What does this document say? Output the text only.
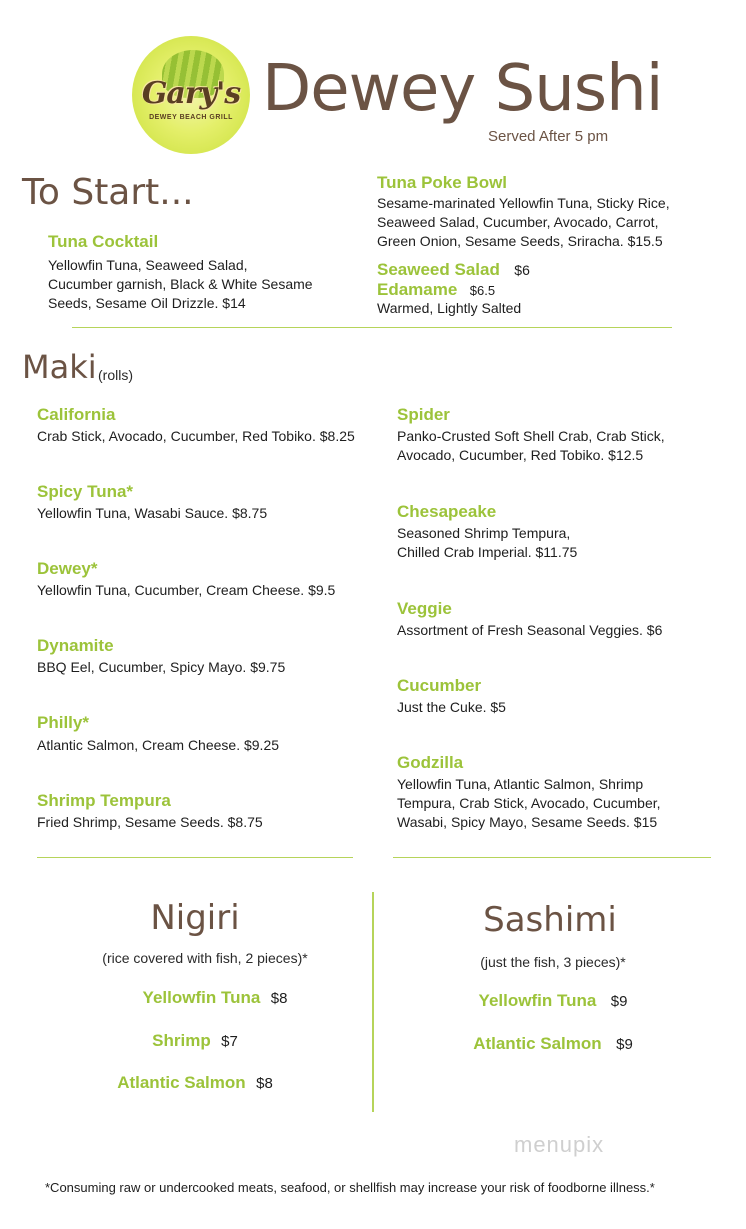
Gary's
DEWEY BEACH GRILL Dewey Sushi
Served After 5 pm
To Start...
Tuna Cocktail
Yellowfin Tuna, Seaweed Salad,
Cucumber garnish, Black & White Sesame
Seeds, Sesame Oil Drizzle. $14
Tuna Poke Bowl
Sesame-marinated Yellowfin Tuna, Sticky Rice,
Seaweed Salad, Cucumber, Avocado, Carrot,
Green Onion, Sesame Seeds, Sriracha. $15.5
Seaweed Salad $6
Edamame $6.5
Warmed, Lightly Salted
Maki (rolls)
California
Crab Stick, Avocado, Cucumber, Red Tobiko. $8.25
Spicy Tuna*
Yellowfin Tuna, Wasabi Sauce. $8.75
Dewey*
Yellowfin Tuna, Cucumber, Cream Cheese. $9.5
Dynamite
BBQ Eel, Cucumber, Spicy Mayo. $9.75
Philly*
Atlantic Salmon, Cream Cheese. $9.25
Shrimp Tempura
Fried Shrimp, Sesame Seeds. $8.75
Spider
Panko-Crusted Soft Shell Crab, Crab Stick,
Avocado, Cucumber, Red Tobiko. $12.5
Chesapeake
Seasoned Shrimp Tempura,
Chilled Crab Imperial. $11.75
Veggie
Assortment of Fresh Seasonal Veggies. $6
Cucumber
Just the Cuke. $5
Godzilla
Yellowfin Tuna, Atlantic Salmon, Shrimp
Tempura, Crab Stick, Avocado, Cucumber,
Wasabi, Spicy Mayo, Sesame Seeds. $15
Nigiri
(rice covered with fish, 2 pieces)*
Yellowfin Tuna $8
Shrimp $7
Atlantic Salmon $8
Sashimi
(just the fish, 3 pieces)*
Yellowfin Tuna $9
Atlantic Salmon $9
menupix
*Consuming raw or undercooked meats, seafood, or shellfish may increase your risk of foodborne illness.*
